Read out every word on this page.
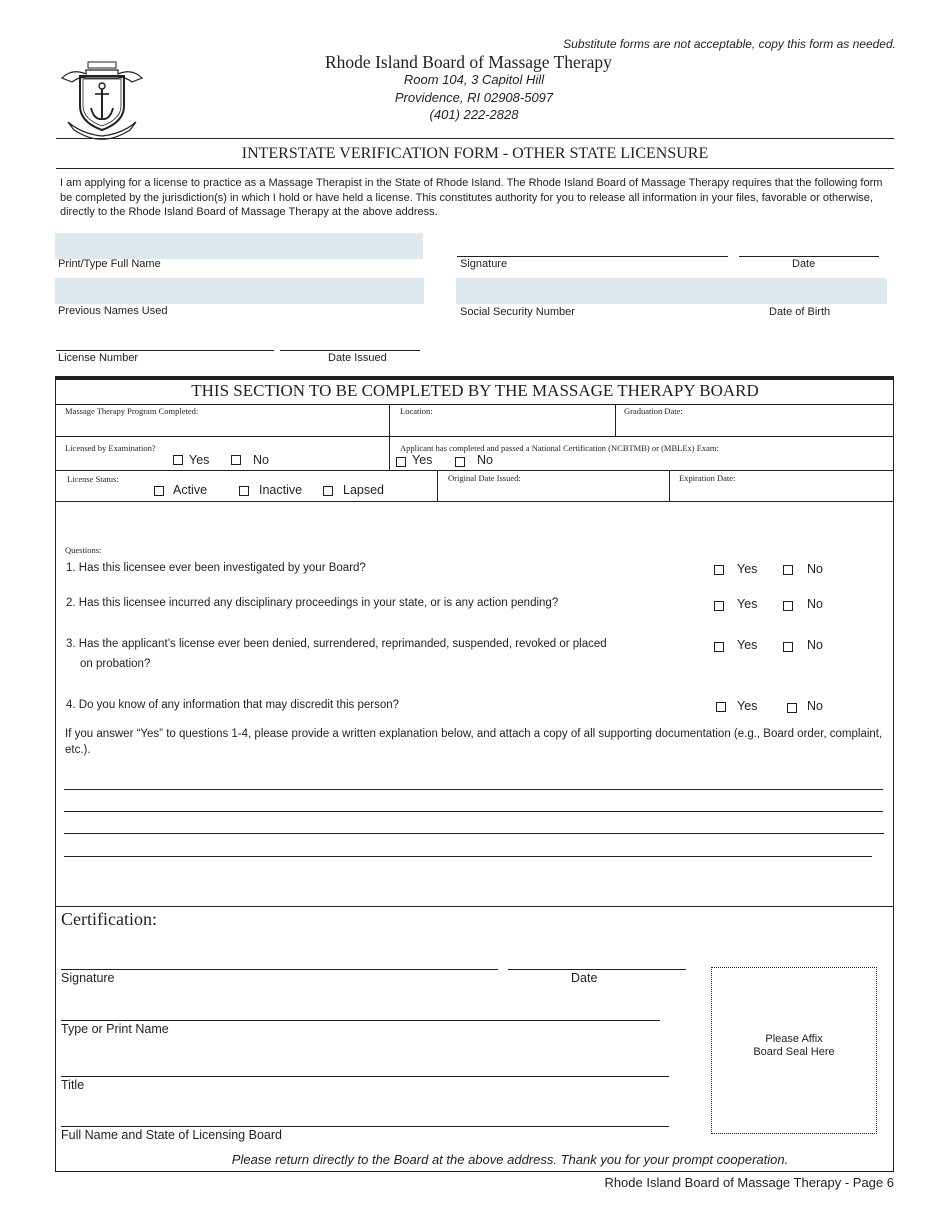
Substitute forms are not acceptable, copy this form as needed.
Rhode Island Board of Massage Therapy
Room 104, 3 Capitol Hill
Providence, RI 02908-5097
(401) 222-2828
INTERSTATE VERIFICATION FORM - OTHER STATE LICENSURE
I am applying for a license to practice as a Massage Therapist in the State of Rhode Island. The Rhode Island Board of Massage Therapy requires that the following form be completed by the jurisdiction(s) in which I hold or have held a license. This constitutes authority for you to release all information in your files, favorable or otherwise, directly to the Rhode Island Board of Massage Therapy at the above address.
Print/Type Full Name	Signature	Date
Previous Names Used	Social Security Number	Date of Birth
License Number	Date Issued
THIS SECTION TO BE COMPLETED BY THE MASSAGE THERAPY BOARD
Massage Therapy Program Completed:	Location:	Graduation Date:
Licensed by Examination?
Yes	No
Applicant has completed and passed a National Certification (NCBTMB) or (MBLEx) Exam:
Yes	No
License Status:
Active	Inactive	Lapsed
Original Date Issued:	Expiration Date:
Questions:
1. Has this licensee ever been investigated by your Board?	Yes	No
2. Has this licensee incurred any disciplinary proceedings in your state, or is any action pending?	Yes	No
3. Has the applicant’s license ever been denied, surrendered, reprimanded, suspended, revoked or placed
on probation?
Yes	No
4. Do you know of any information that may discredit this person?	Yes	No
If you answer “Yes” to questions 1-4, please provide a written explanation below, and attach a copy of all supporting documentation (e.g., Board order, complaint, etc.).
Certification:
Signature	Date
Type or Print Name
Title
Full Name and State of Licensing Board
Please Affix
Board Seal Here
Please return directly to the Board at the above address. Thank you for your prompt cooperation.
Rhode Island Board of Massage Therapy - Page 6
